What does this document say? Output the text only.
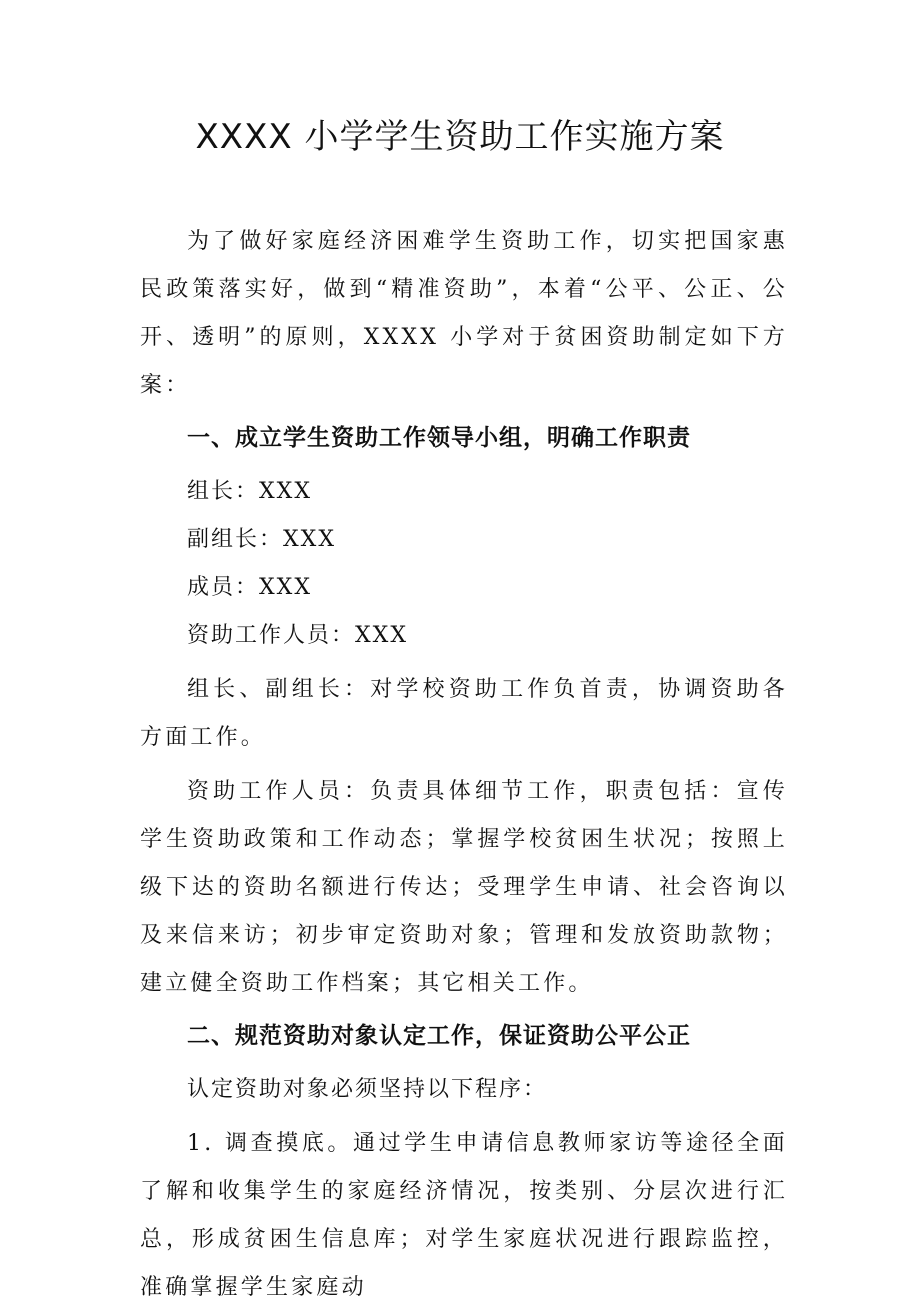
XXXX 小学学生资助工作实施方案

为了做好家庭经济困难学生资助工作，切实把国家惠民政策落实好，做到“精准资助”，本着“公平、公正、公开、透明”的原则，XXXX 小学对于贫困资助制定如下方案：

一、成立学生资助工作领导小组，明确工作职责

组长：XXX

副组长：XXX

成员：XXX

资助工作人员：XXX

组长、副组长：对学校资助工作负首责，协调资助各方面工作。

资助工作人员：负责具体细节工作，职责包括：宣传学生资助政策和工作动态；掌握学校贫困生状况；按照上级下达的资助名额进行传达；受理学生申请、社会咨询以及来信来访；初步审定资助对象；管理和发放资助款物；建立健全资助工作档案；其它相关工作。

二、规范资助对象认定工作，保证资助公平公正

认定资助对象必须坚持以下程序：

1. 调查摸底。通过学生申请信息教师家访等途径全面了解和收集学生的家庭经济情况，按类别、分层次进行汇总，形成贫困生信息库；对学生家庭状况进行跟踪监控，准确掌握学生家庭动
